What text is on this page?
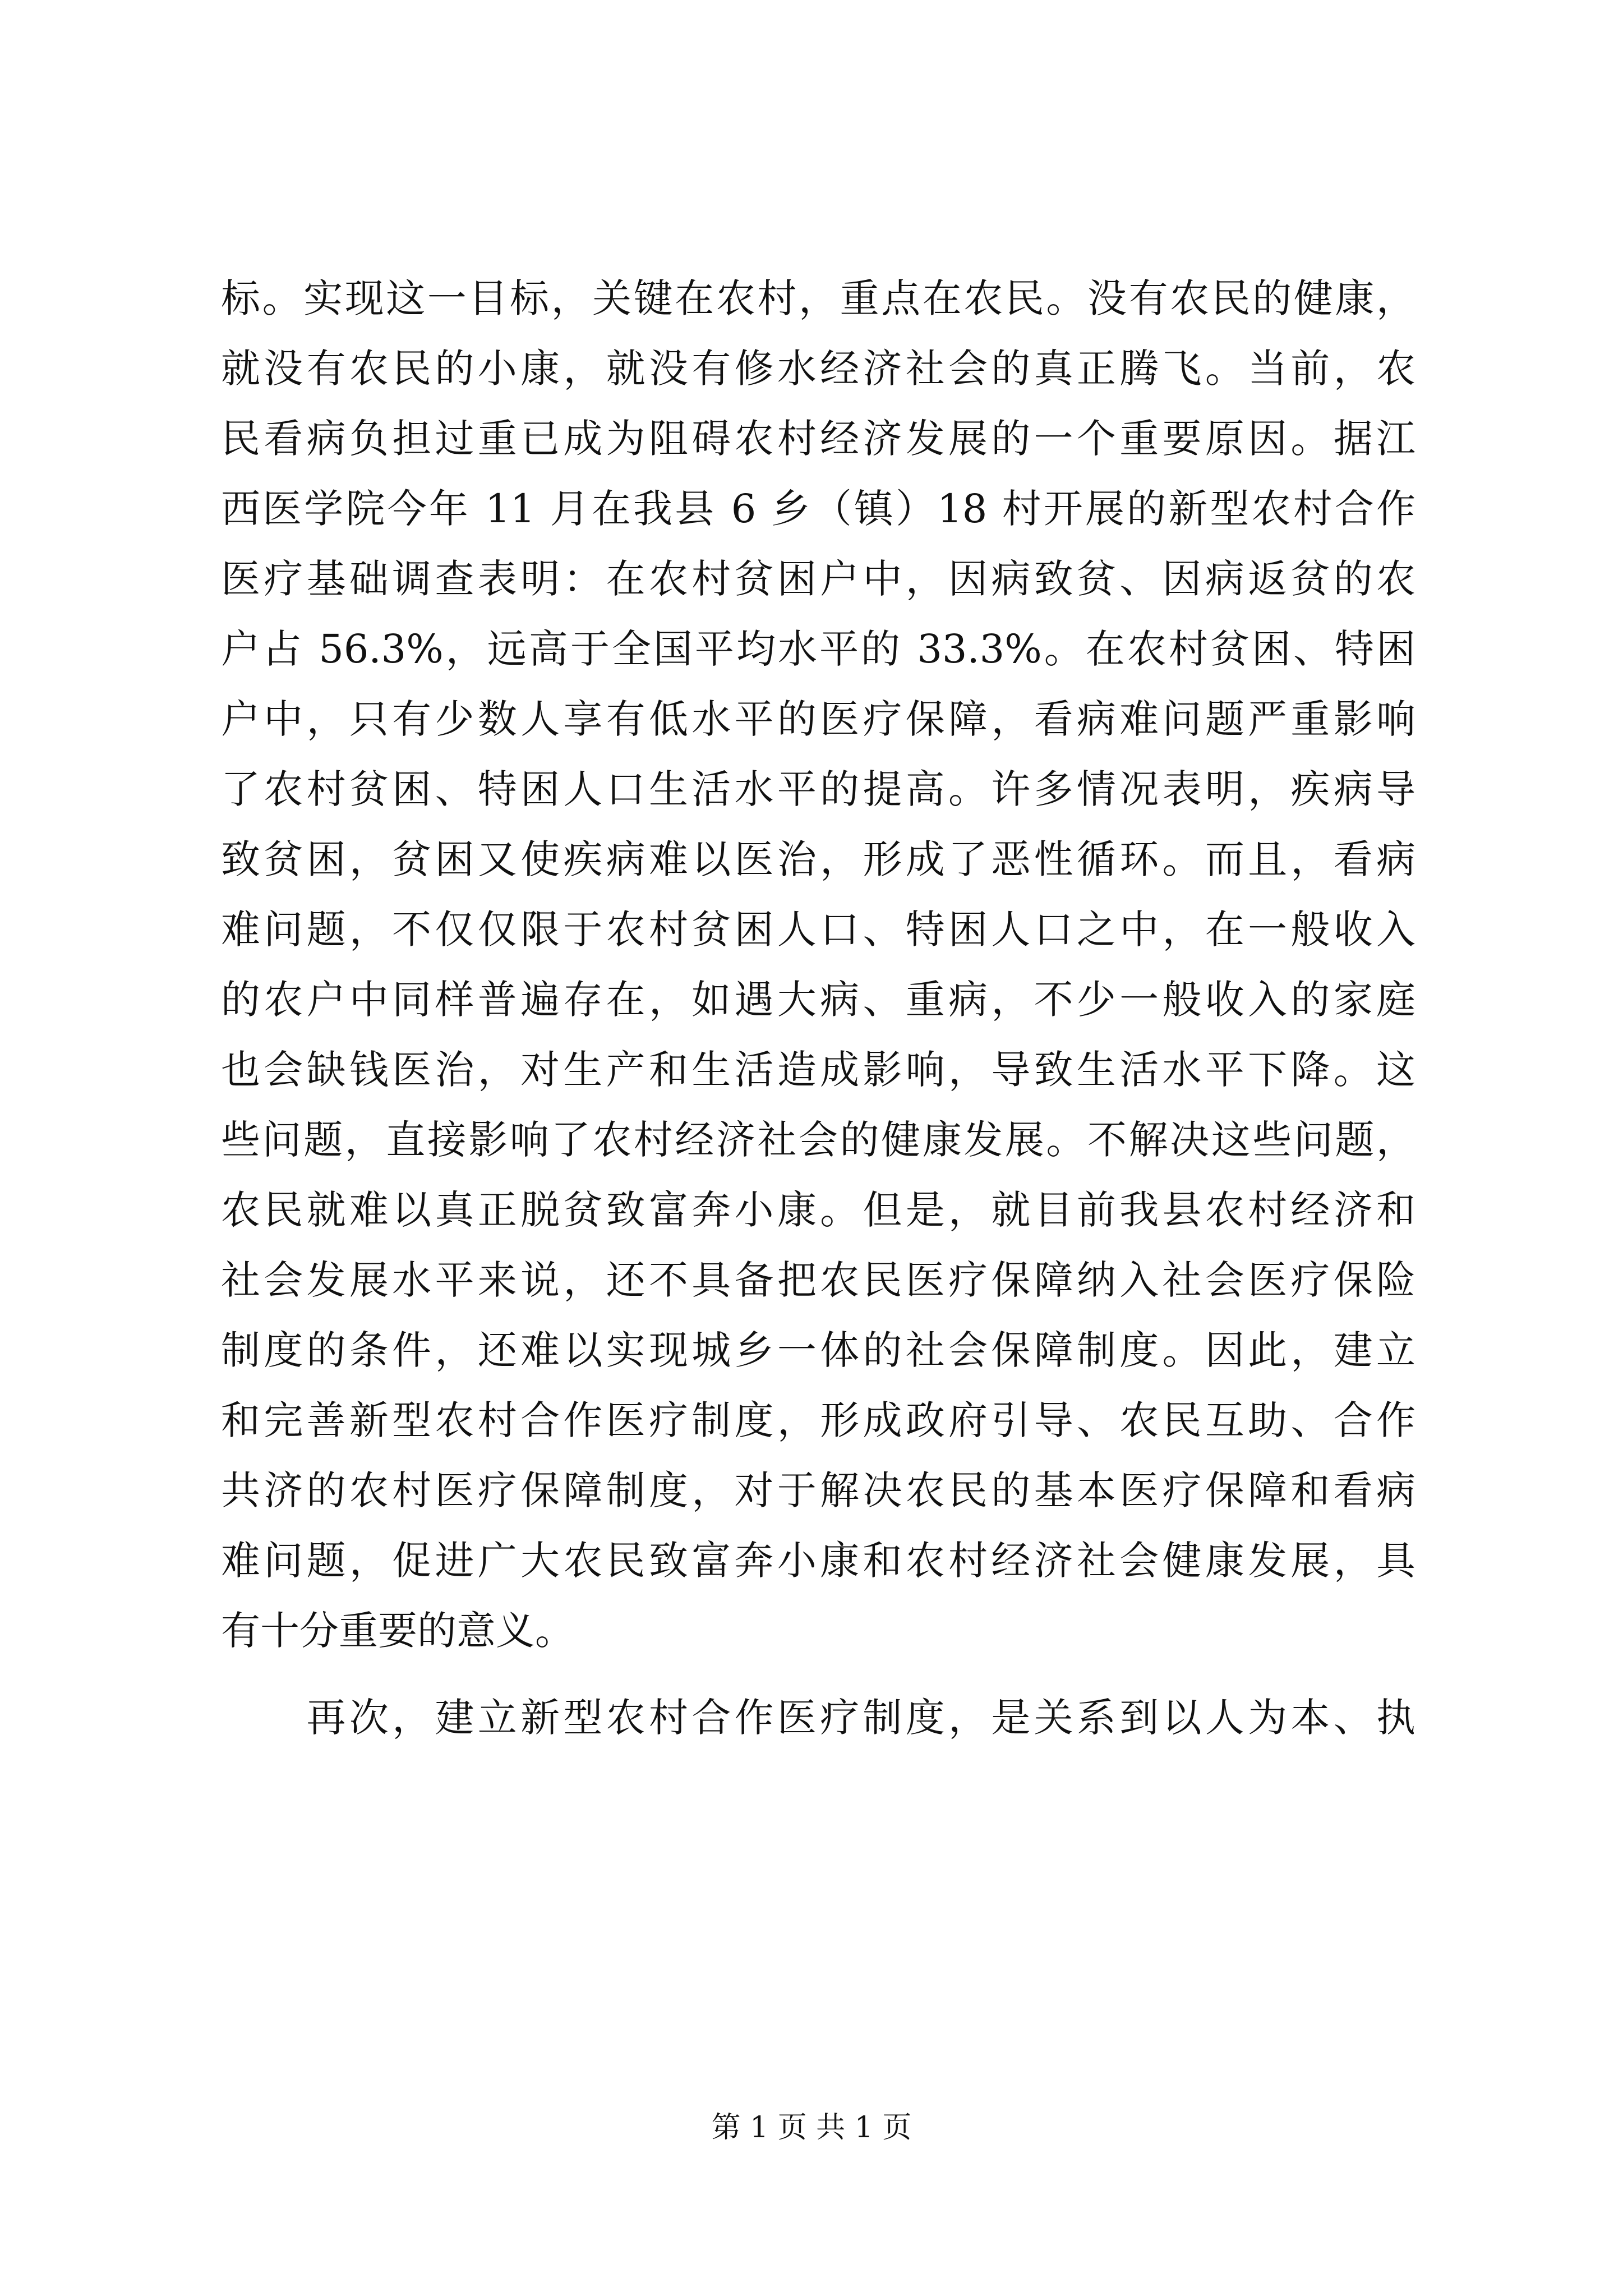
标。实现这一目标，关键在农村，重点在农民。没有农民的健康，
就没有农民的小康，就没有修水经济社会的真正腾飞。当前，农
民看病负担过重已成为阻碍农村经济发展的一个重要原因。据江
西医学院今年 11 月在我县 6 乡（镇）18 村开展的新型农村合作
医疗基础调查表明：在农村贫困户中，因病致贫、因病返贫的农
户占 56.3%，远高于全国平均水平的 33.3%。在农村贫困、特困
户中，只有少数人享有低水平的医疗保障，看病难问题严重影响
了农村贫困、特困人口生活水平的提高。许多情况表明，疾病导
致贫困，贫困又使疾病难以医治，形成了恶性循环。而且，看病
难问题，不仅仅限于农村贫困人口、特困人口之中，在一般收入
的农户中同样普遍存在，如遇大病、重病，不少一般收入的家庭
也会缺钱医治，对生产和生活造成影响，导致生活水平下降。这
些问题，直接影响了农村经济社会的健康发展。不解决这些问题，
农民就难以真正脱贫致富奔小康。但是，就目前我县农村经济和
社会发展水平来说，还不具备把农民医疗保障纳入社会医疗保险
制度的条件，还难以实现城乡一体的社会保障制度。因此，建立
和完善新型农村合作医疗制度，形成政府引导、农民互助、合作
共济的农村医疗保障制度，对于解决农民的基本医疗保障和看病
难问题，促进广大农民致富奔小康和农村经济社会健康发展，具
有十分重要的意义。
　　再次，建立新型农村合作医疗制度，是关系到以人为本、执
第 1 页 共 1 页
